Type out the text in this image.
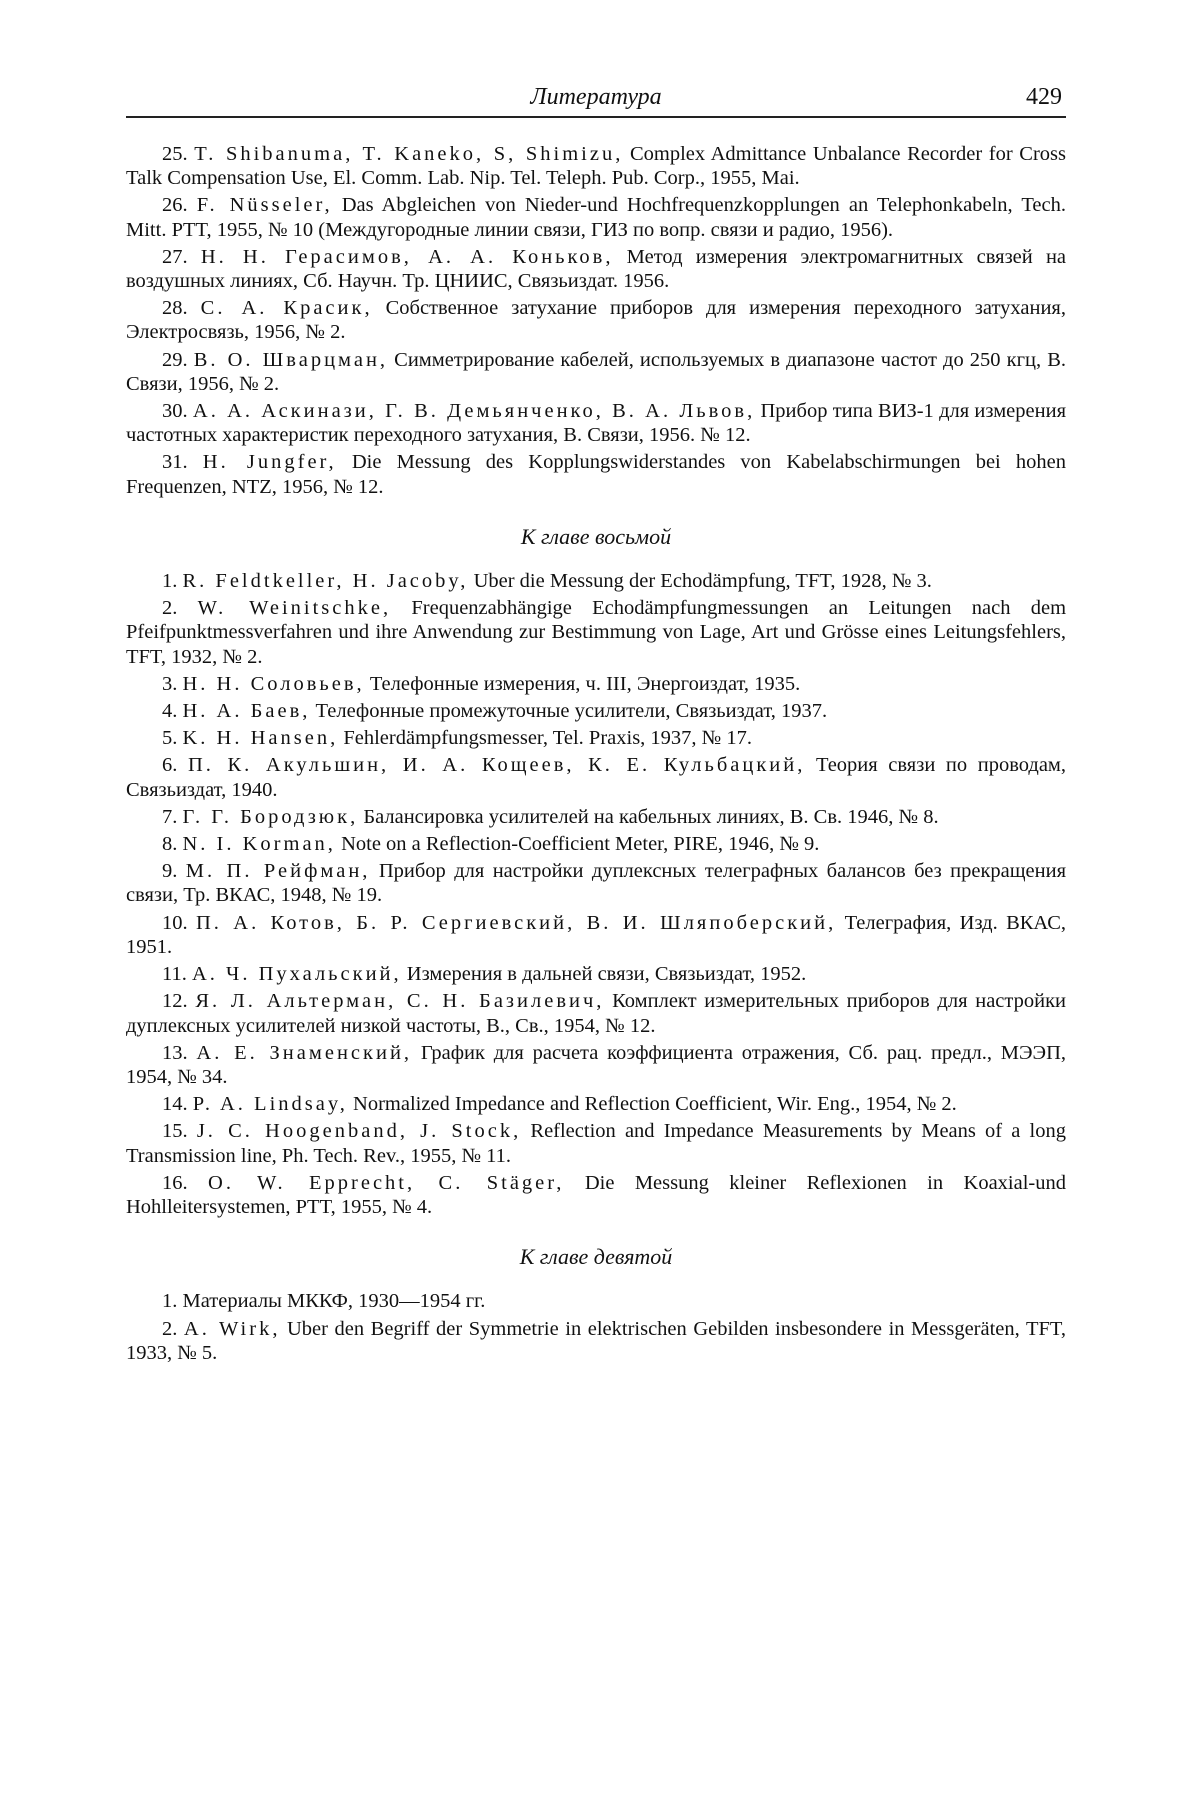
Литература	429

25. T. Shibanuma, T. Kaneko, S, Shimizu, Complex Admittance Unbalance Recorder for Cross Talk Compensation Use, El. Comm. Lab. Nip. Tel. Teleph. Pub. Corp., 1955, Mai.

26. F. Nüsseler, Das Abgleichen von Nieder-und Hochfrequenzkopplungen an Telephonkabeln, Tech. Mitt. PTT, 1955, № 10 (Междугородные линии связи, ГИЗ по вопр. связи и радио, 1956).

27. Н. Н. Герасимов, А. А. Коньков, Метод измерения электромагнитных связей на воздушных линиях, Сб. Научн. Тр. ЦНИИС, Связьиздат. 1956.

28. С. А. Красик, Собственное затухание приборов для измерения переходного затухания, Электросвязь, 1956, № 2.

29. В. О. Шварцман, Симметрирование кабелей, используемых в диапазоне частот до 250 кгц, В. Связи, 1956, № 2.

30. А. А. Аскинази, Г. В. Демьянченко, В. А. Львов, Прибор типа ВИЗ-1 для измерения частотных характеристик переходного затухания, В. Связи, 1956. № 12.

31. H. Jungfer, Die Messung des Kopplungswiderstandes von Kabelabschirmungen bei hohen Frequenzen, NTZ, 1956, № 12.

К главе восьмой

1. R. Feldtkeller, H. Jacoby, Uber die Messung der Echodämpfung, TFT, 1928, № 3.

2. W. Weinitschke, Frequenzabhängige Echodämpfungmessungen an Leitungen nach dem Pfeifpunktmessverfahren und ihre Anwendung zur Bestimmung von Lage, Art und Grösse eines Leitungsfehlers, TFT, 1932, № 2.

3. Н. Н. Соловьев, Телефонные измерения, ч. III, Энергоиздат, 1935.

4. Н. А. Баев, Телефонные промежуточные усилители, Связьиздат, 1937.

5. K. H. Hansen, Fehlerdämpfungsmesser, Tel. Praxis, 1937, № 17.

6. П. К. Акульшин, И. А. Кощеев, К. Е. Кульбацкий, Теория связи по проводам, Связьиздат, 1940.

7. Г. Г. Бородзюк, Балансировка усилителей на кабельных линиях, В. Св. 1946, № 8.

8. N. I. Korman, Note on a Reflection-Coefficient Meter, PIRE, 1946, № 9.

9. М. П. Рейфман, Прибор для настройки дуплексных телеграфных балансов без прекращения связи, Тр. ВКАС, 1948, № 19.

10. П. А. Котов, Б. Р. Сергиевский, В. И. Шляпоберский, Телеграфия, Изд. ВКАС, 1951.

11. А. Ч. Пухальский, Измерения в дальней связи, Связьиздат, 1952.

12. Я. Л. Альтерман, С. Н. Базилевич, Комплект измерительных приборов для настройки дуплексных усилителей низкой частоты, В., Св., 1954, № 12.

13. А. Е. Знаменский, График для расчета коэффициента отражения, Сб. рац. предл., МЭЭП, 1954, № 34.

14. P. A. Lindsay, Normalized Impedance and Reflection Coefficient, Wir. Eng., 1954, № 2.

15. J. C. Hoogenband, J. Stock, Reflection and Impedance Measurements by Means of a long Transmission line, Ph. Tech. Rev., 1955, № 11.

16. O. W. Epprecht, C. Stäger, Die Messung kleiner Reflexionen in Koaxial-und Hohlleitersystemen, PTT, 1955, № 4.

К главе девятой

1. Материалы МККФ, 1930—1954 гг.

2. A. Wirk, Uber den Begriff der Symmetrie in elektrischen Gebilden insbesondere in Messgeräten, TFT, 1933, № 5.
